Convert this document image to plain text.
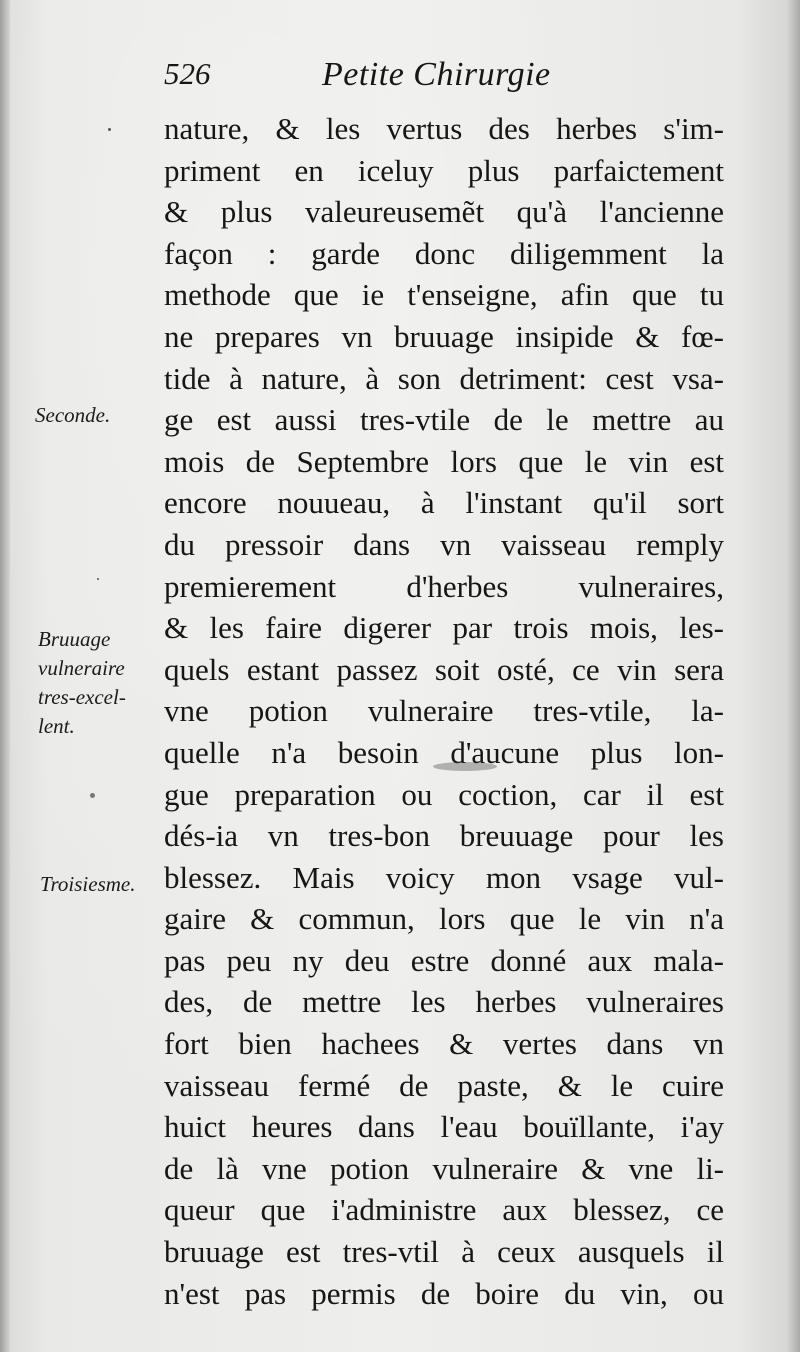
526	Petite Chirurgie
Seconde.
Bruuage
vulneraire
tres-excel-
lent.
Troisiesme.
nature, & les vertus des herbes s'im-
priment en iceluy plus parfaictement
& plus valeureusemẽt qu'à l'ancienne
façon : garde donc diligemment la
methode que ie t'enseigne, afin que tu
ne prepares vn bruuage insipide & fœ-
tide à nature, à son detriment: cest vsa-
ge est aussi tres-vtile de le mettre au
mois de Septembre lors que le vin est
encore nouueau, à l'instant qu'il sort
du pressoir dans vn vaisseau remply
premierement d'herbes vulneraires,
& les faire digerer par trois mois, les-
quels estant passez soit osté, ce vin sera
vne potion vulneraire tres-vtile, la-
quelle n'a besoin d'aucune plus lon-
gue preparation ou coction, car il est
dés-ia vn tres-bon breuuage pour les
blessez. Mais voicy mon vsage vul-
gaire & commun, lors que le vin n'a
pas peu ny deu estre donné aux mala-
des, de mettre les herbes vulneraires
fort bien hachees & vertes dans vn
vaisseau fermé de paste, & le cuire
huict heures dans l'eau bouïllante, i'ay
de là vne potion vulneraire & vne li-
queur que i'administre aux blessez, ce
bruuage est tres-vtil à ceux ausquels il
n'est pas permis de boire du vin, ou
